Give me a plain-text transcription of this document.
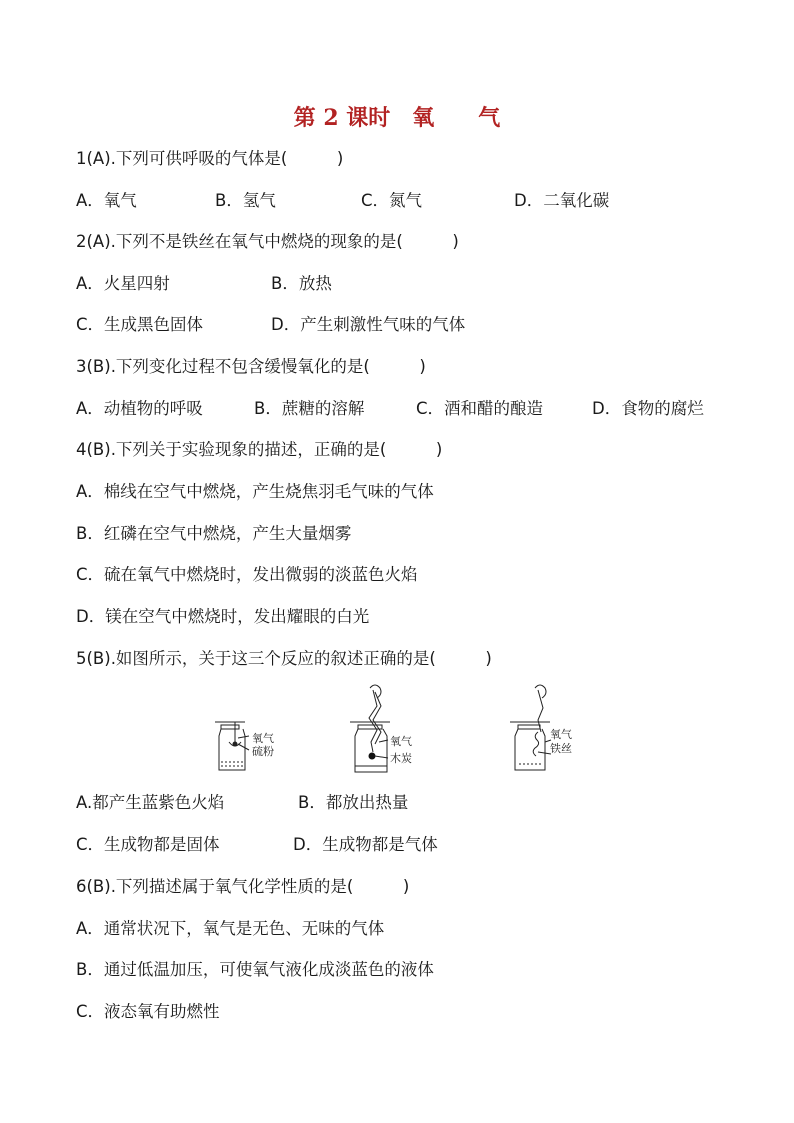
第 2 课时　氧　　气
1(A).下列可供呼吸的气体是(　　　)
A．氧气	B．氢气	C．氮气	D．二氧化碳
2(A).下列不是铁丝在氧气中燃烧的现象的是(　　　)
A．火星四射	B．放热
C．生成黑色固体	D．产生刺激性气味的气体
3(B).下列变化过程不包含缓慢氧化的是(　　　)
A．动植物的呼吸	B．蔗糖的溶解	C．酒和醋的酿造	D．食物的腐烂
4(B).下列关于实验现象的描述，正确的是(　　　)
A．棉线在空气中燃烧，产生烧焦羽毛气味的气体
B．红磷在空气中燃烧，产生大量烟雾
C．硫在氧气中燃烧时，发出微弱的淡蓝色火焰
D．镁在空气中燃烧时，发出耀眼的白光
5(B).如图所示，关于这三个反应的叙述正确的是(　　　)
氧气
硫粉
氧气
木炭
氧气
铁丝
A.都产生蓝紫色火焰	B．都放出热量
C．生成物都是固体	D．生成物都是气体
6(B).下列描述属于氧气化学性质的是(　　　)
A．通常状况下，氧气是无色、无味的气体
B．通过低温加压，可使氧气液化成淡蓝色的液体
C．液态氧有助燃性
